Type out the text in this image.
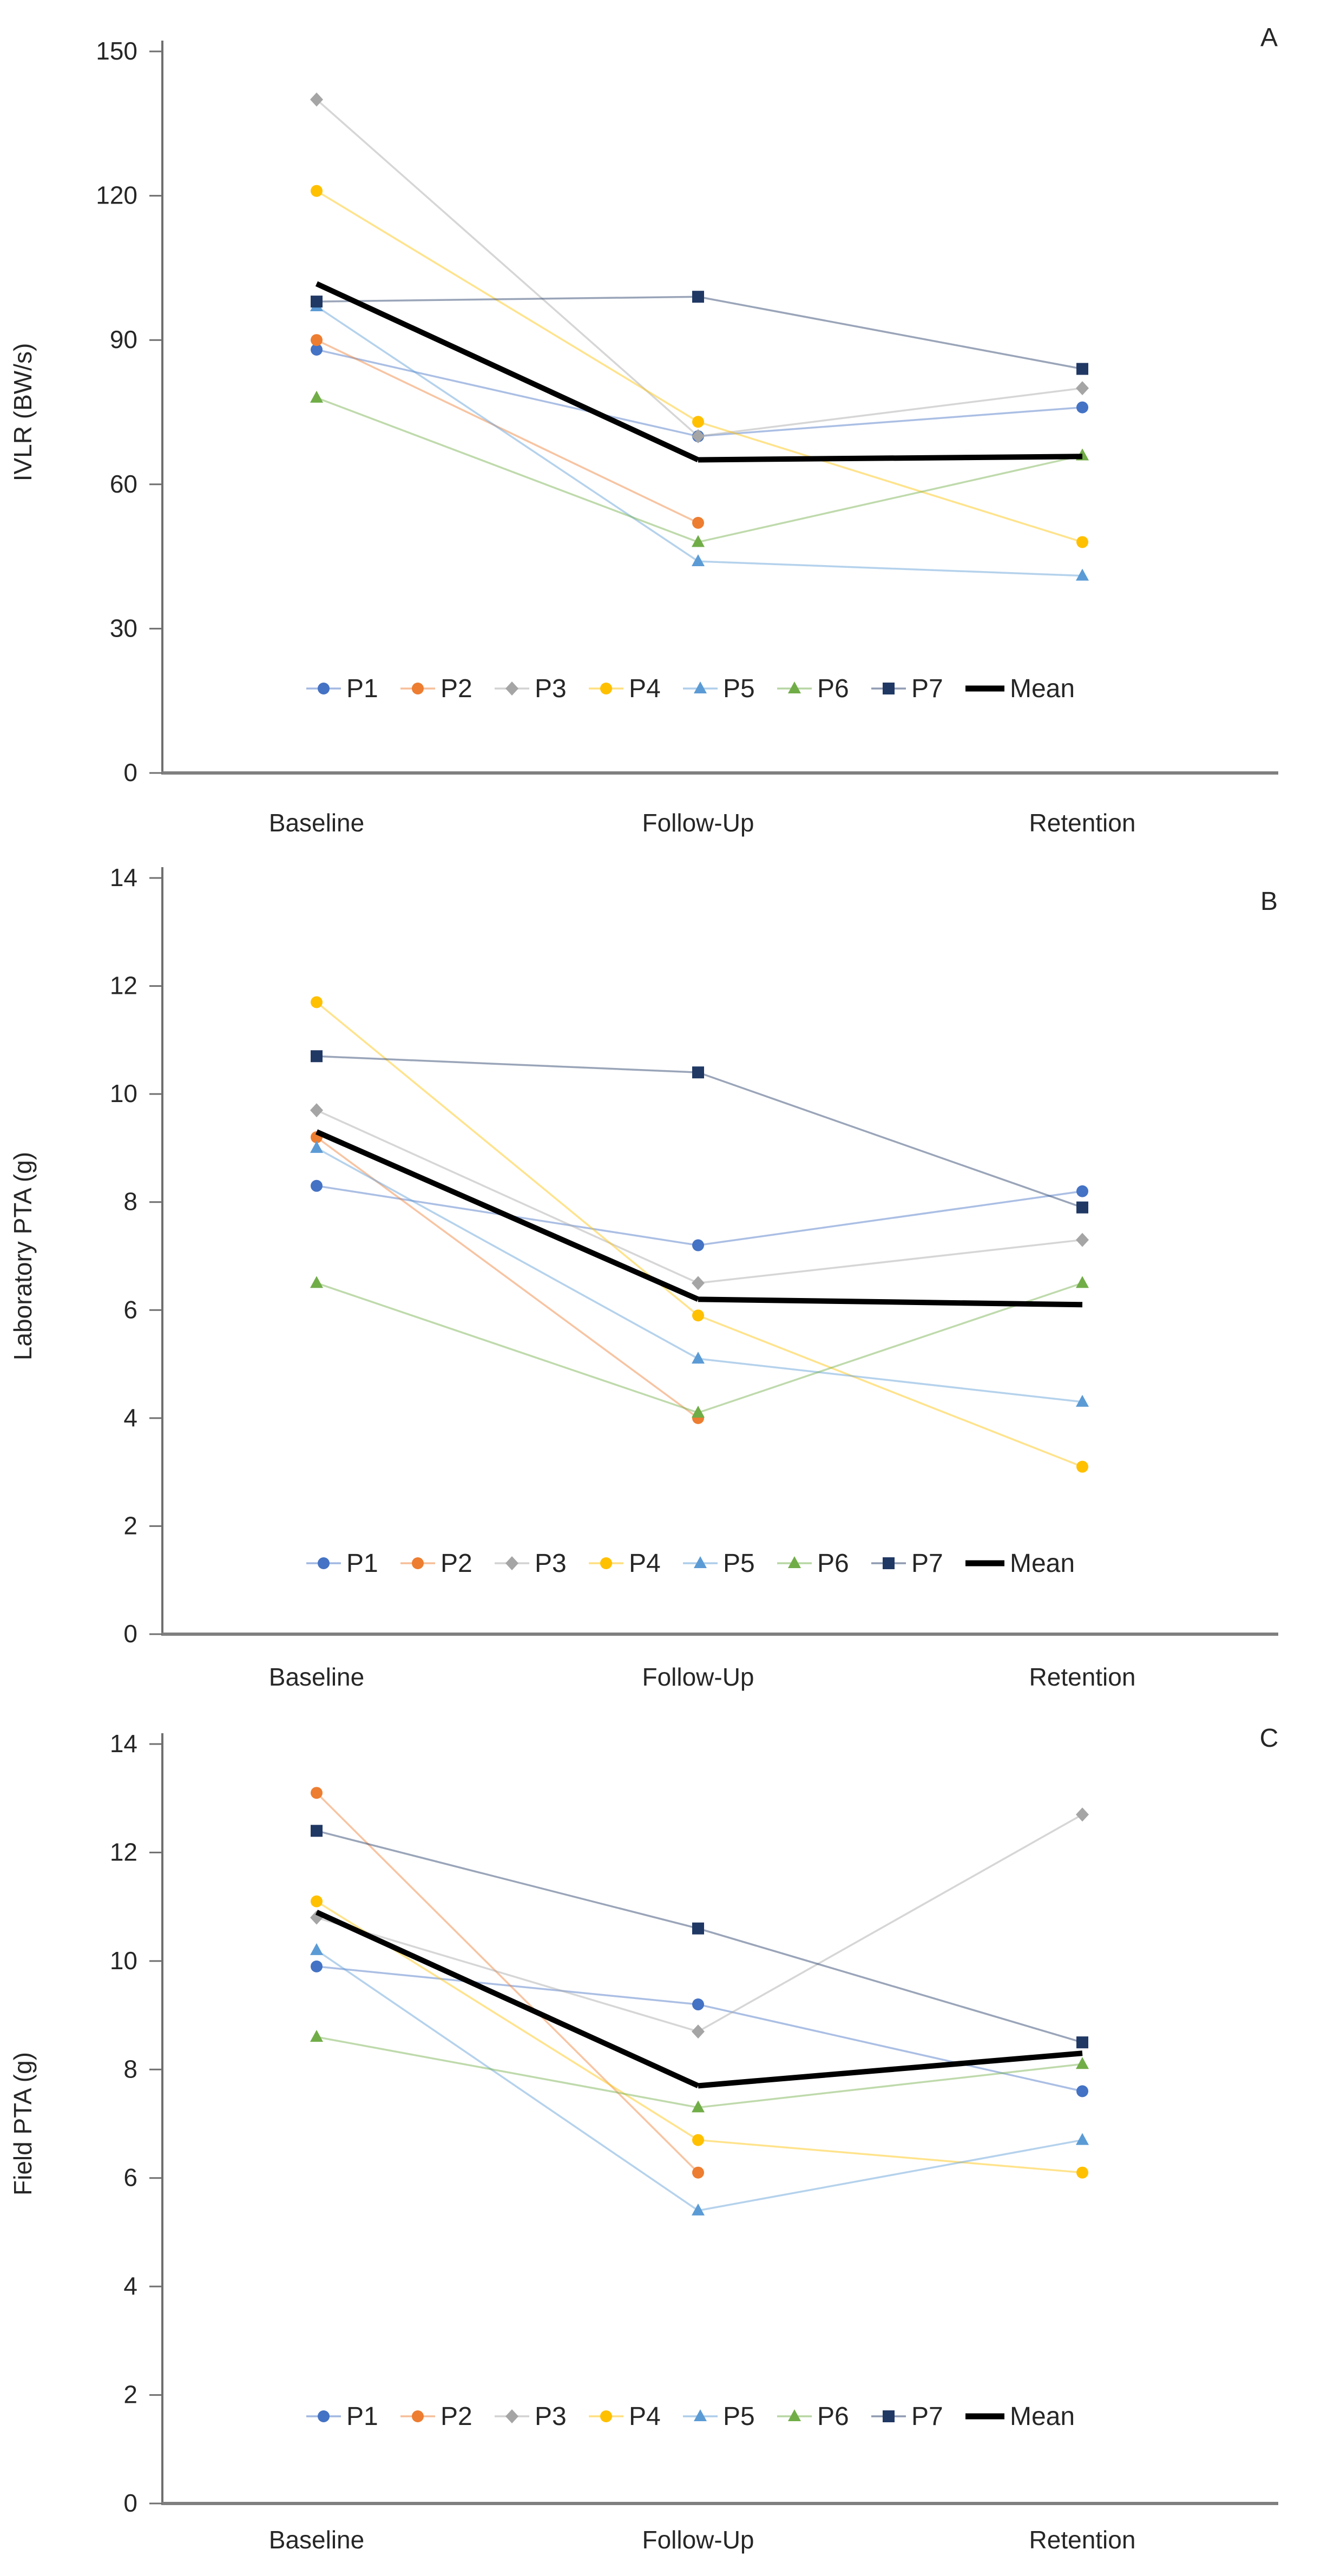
0
30
60
90
120
150
IVLR (BW/s)
Baseline	Follow-Up	Retention
P1 P2 P3 P4 P5 P6 P7	Mean
A
0
2
4
6
8
10
12
14
Laboratory PTA (g)
Baseline	Follow-Up	Retention
P1 P2 P3 P4 P5 P6 P7	Mean
B
0
2
4
6
8
10
12
14
Field PTA (g)
Baseline	Follow-Up	Retention
P1 P2 P3 P4 P5 P6 P7	Mean
C
